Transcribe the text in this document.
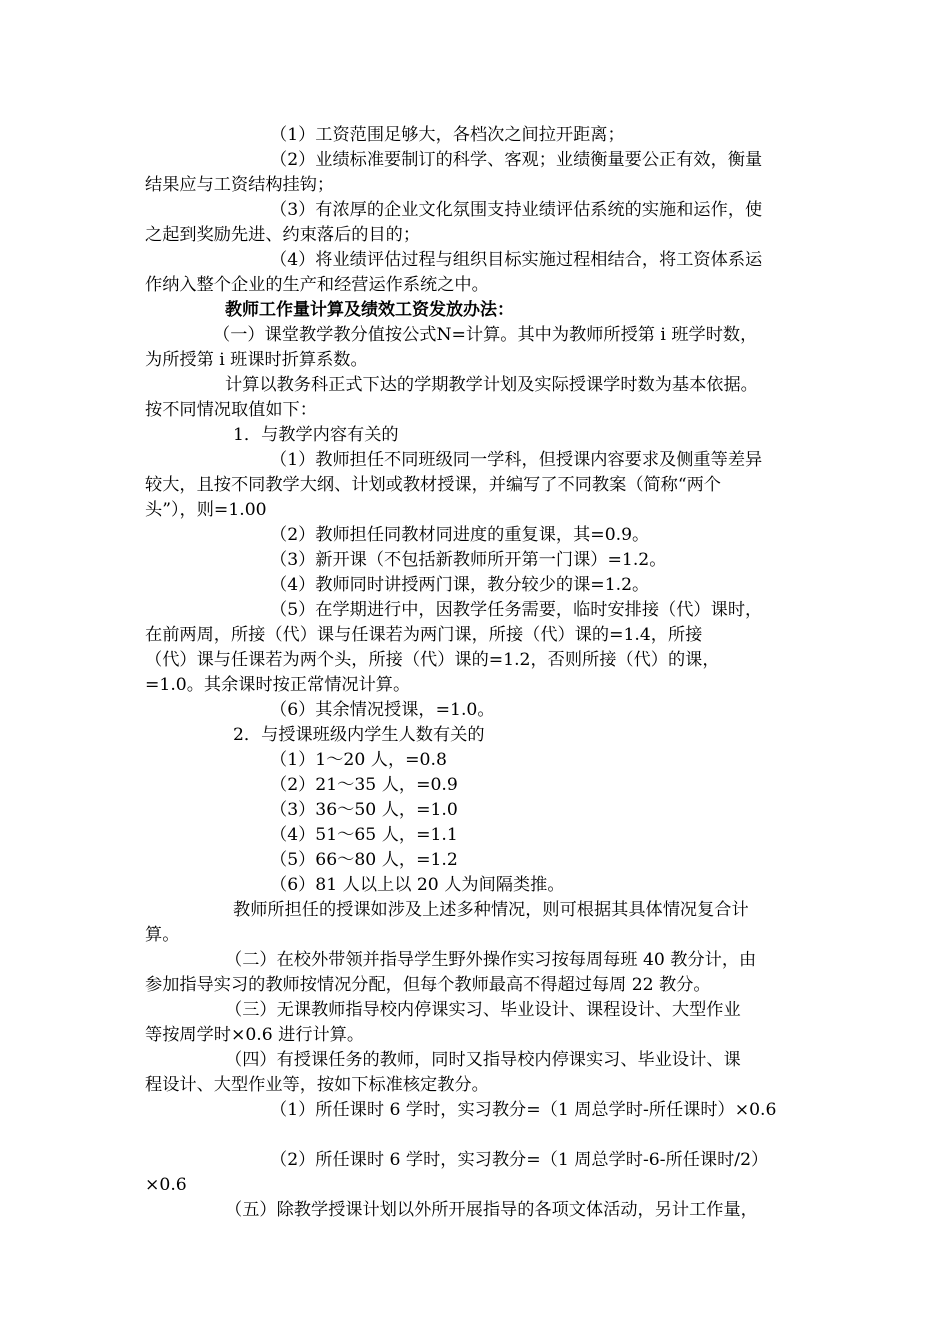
（1）工资范围足够大，各档次之间拉开距离；
（2）业绩标准要制订的科学、客观；业绩衡量要公正有效，衡量
结果应与工资结构挂钩；
（3）有浓厚的企业文化氛围支持业绩评估系统的实施和运作，使
之起到奖励先进、约束落后的目的；
（4）将业绩评估过程与组织目标实施过程相结合，将工资体系运
作纳入整个企业的生产和经营运作系统之中。
教师工作量计算及绩效工资发放办法：
（一）课堂教学教分值按公式N=计算。其中为教师所授第 i 班学时数，
为所授第 i 班课时折算系数。
计算以教务科正式下达的学期教学计划及实际授课学时数为基本依据。
按不同情况取值如下：
1．与教学内容有关的
（1）教师担任不同班级同一学科，但授课内容要求及侧重等差异
较大，且按不同教学大纲、计划或教材授课，并编写了不同教案（简称“两个
头”），则=1.00
（2）教师担任同教材同进度的重复课，其=0.9。
（3）新开课（不包括新教师所开第一门课）=1.2。
（4）教师同时讲授两门课，教分较少的课=1.2。
（5）在学期进行中，因教学任务需要，临时安排接（代）课时，
在前两周，所接（代）课与任课若为两门课，所接（代）课的=1.4，所接
（代）课与任课若为两个头，所接（代）课的=1.2，否则所接（代）的课，
=1.0。其余课时按正常情况计算。
（6）其余情况授课，=1.0。
2．与授课班级内学生人数有关的
（1）1～20 人，=0.8
（2）21～35 人，=0.9
（3）36～50 人，=1.0
（4）51～65 人，=1.1
（5）66～80 人，=1.2
（6）81 人以上以 20 人为间隔类推。
教师所担任的授课如涉及上述多种情况，则可根据其具体情况复合计
算。
（二）在校外带领并指导学生野外操作实习按每周每班 40 教分计，由
参加指导实习的教师按情况分配，但每个教师最高不得超过每周 22 教分。
（三）无课教师指导校内停课实习、毕业设计、课程设计、大型作业
等按周学时×0.6 进行计算。
（四）有授课任务的教师，同时又指导校内停课实习、毕业设计、课
程设计、大型作业等，按如下标准核定教分。
（1）所任课时 6 学时，实习教分=（1 周总学时-所任课时）×0.6
（2）所任课时 6 学时，实习教分=（1 周总学时-6-所任课时/2）
×0.6
（五）除教学授课计划以外所开展指导的各项文体活动，另计工作量，
